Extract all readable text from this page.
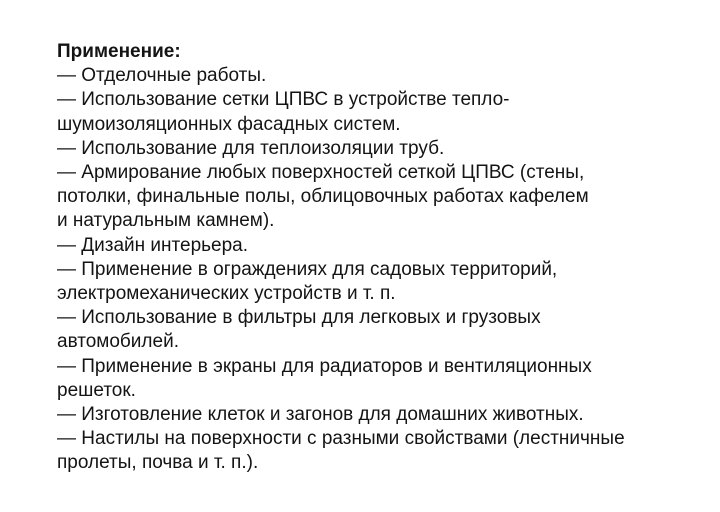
Применение:

— Отделочные работы.
— Использование сетки ЦПВС в устройстве тепло-
шумоизоляционных фасадных систем.
— Использование для теплоизоляции труб.
— Армирование любых поверхностей сеткой ЦПВС (стены,
потолки, финальные полы, облицовочных работах кафелем
и натуральным камнем).
— Дизайн интерьера.
— Применение в ограждениях для садовых территорий,
электромеханических устройств и т. п.
— Использование в фильтры для легковых и грузовых
автомобилей.
— Применение в экраны для радиаторов и вентиляционных
решеток.
— Изготовление клеток и загонов для домашних животных.
— Настилы на поверхности с разными свойствами (лестничные
пролеты, почва и т. п.).
